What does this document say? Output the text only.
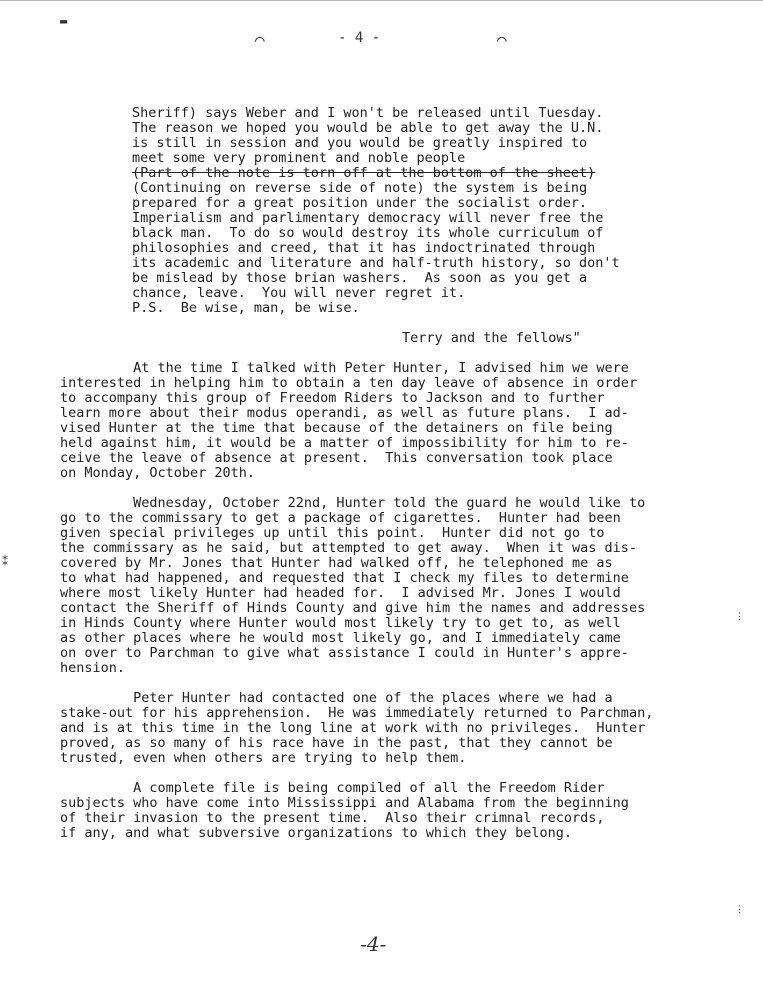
▬
⌒	⌒
- 4 -
Sheriff) says Weber and I won't be released until Tuesday.
The reason we hoped you would be able to get away the U.N.
is still in session and you would be greatly inspired to
meet some very prominent and noble people
(Part of the note is torn off at the bottom of the sheet)
(Continuing on reverse side of note) the system is being
prepared for a great position under the socialist order.
Imperialism and parlimentary democracy will never free the
black man.  To do so would destroy its whole curriculum of
philosophies and creed, that it has indoctrinated through
its academic and literature and half-truth history, so don't
be mislead by those brian washers.  As soon as you get a
chance, leave.  You will never regret it.
P.S.  Be wise, man, be wise.
Terry and the fellows"
At the time I talked with Peter Hunter, I advised him we were
interested in helping him to obtain a ten day leave of absence in order
to accompany this group of Freedom Riders to Jackson and to further
learn more about their modus operandi, as well as future plans.  I ad-
vised Hunter at the time that because of the detainers on file being
held against him, it would be a matter of impossibility for him to re-
ceive the leave of absence at present.  This conversation took place
on Monday, October 20th.
Wednesday, October 22nd, Hunter told the guard he would like to
go to the commissary to get a package of cigarettes.  Hunter had been
given special privileges up until this point.  Hunter did not go to
the commissary as he said, but attempted to get away.  When it was dis-
covered by Mr. Jones that Hunter had walked off, he telephoned me as
to what had happened, and requested that I check my files to determine
where most likely Hunter had headed for.  I advised Mr. Jones I would
contact the Sheriff of Hinds County and give him the names and addresses
in Hinds County where Hunter would most likely try to get to, as well
as other places where he would most likely go, and I immediately came
on over to Parchman to give what assistance I could in Hunter's appre-
hension.
Peter Hunter had contacted one of the places where we had a
stake-out for his apprehension.  He was immediately returned to Parchman,
and is at this time in the long line at work with no privileges.  Hunter
proved, as so many of his race have in the past, that they cannot be
trusted, even when others are trying to help them.
A complete file is being compiled of all the Freedom Rider
subjects who have come into Mississippi and Alabama from the beginning
of their invasion to the present time.  Also their crimnal records,
if any, and what subversive organizations to which they belong.
⁑
⋮
⋮
-4-
